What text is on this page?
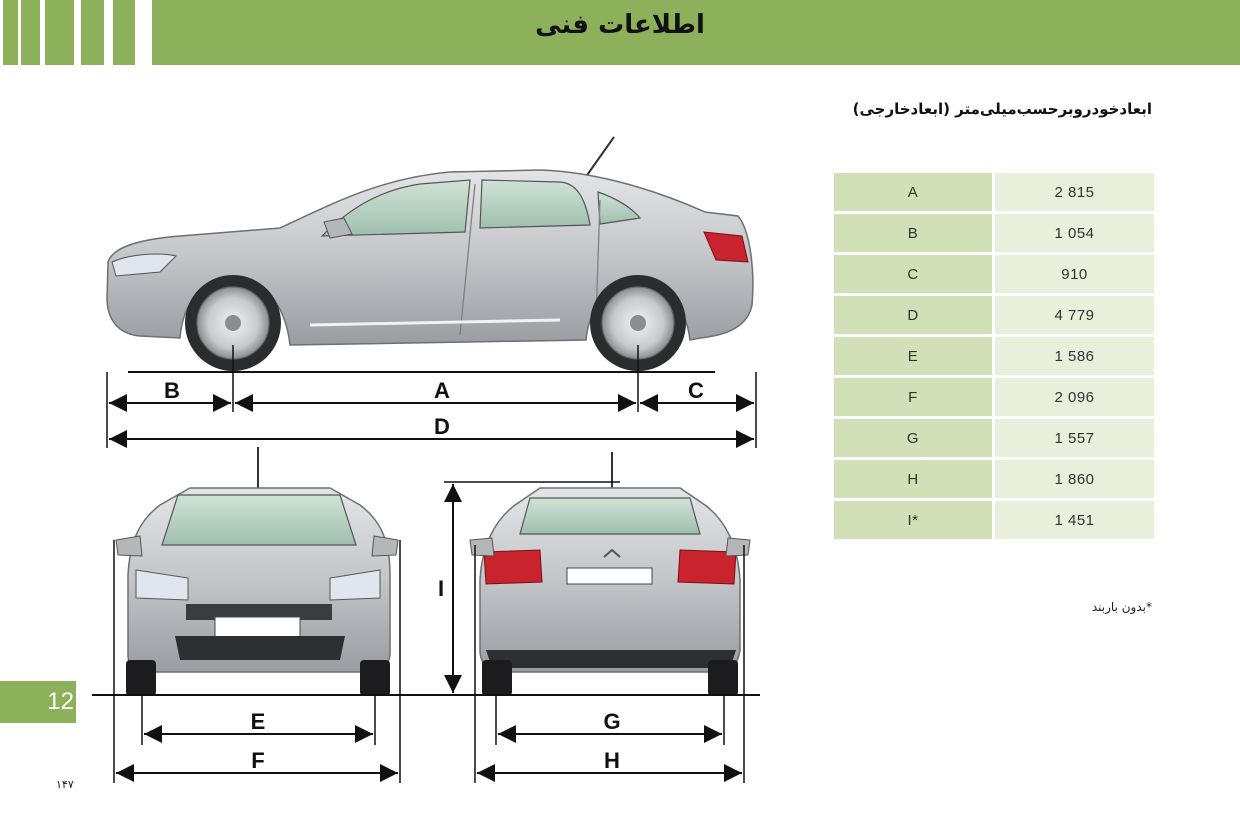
اطلاعات فنی
ابعادخودروبرحسب‌میلی‌متر (ابعادخارجی)
B	A	C
D
E
F
G
H
I
A	2 815
B	1 054
C	910
D	4 779
E	1 586
F	2 096
G	1 557
H	1 860
I*	1 451
*بدون باربند
12
۱۴۷
